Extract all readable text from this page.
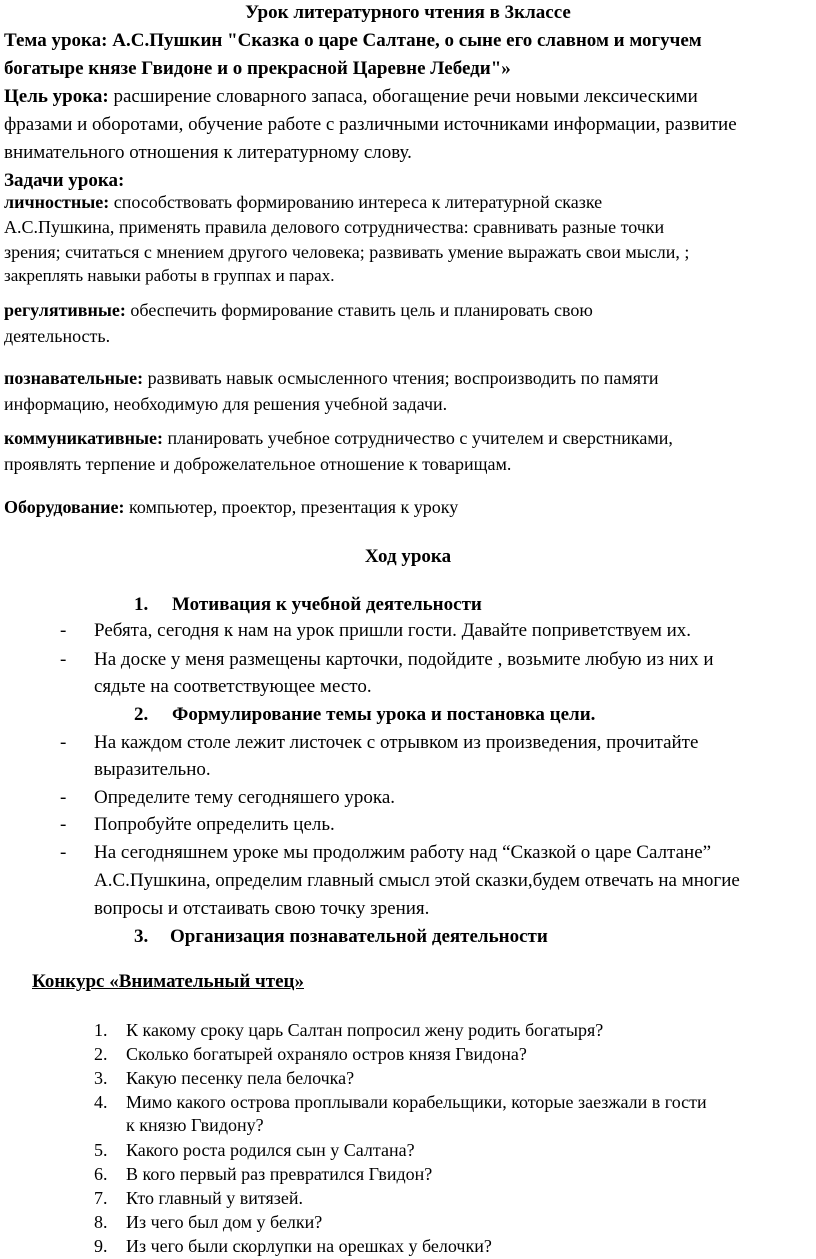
Урок литературного чтения в 3классе
Тема урока: А.С.Пушкин "Сказка о царе Салтане, о сыне его славном и могучем
богатыре князе Гвидоне и о прекрасной Царевне Лебеди"»
Цель урока: расширение словарного запаса, обогащение речи новыми лексическими
фразами и оборотами, обучение работе с различными источниками информации, развитие
внимательного отношения к литературному слову.
Задачи урока:
личностные: способствовать формированию интереса к литературной сказке
А.С.Пушкина, применять правила делового сотрудничества: сравнивать разные точки
зрения; считаться с мнением другого человека; развивать умение выражать свои мысли, ;
закреплять навыки работы в группах и парах.
регулятивные: обеспечить формирование ставить цель и планировать свою
деятельность.
познавательные: развивать навык осмысленного чтения; воспроизводить по памяти
информацию, необходимую для решения учебной задачи.
коммуникативные: планировать учебное сотрудничество с учителем и сверстниками,
проявлять терпение и доброжелательное отношение к товарищам.
Оборудование: компьютер, проектор, презентация к уроку
Ход урока
1. Мотивация к учебной деятельности
- Ребята, сегодня к нам на урок пришли гости. Давайте поприветствуем их.
- На доске у меня размещены карточки, подойдите , возьмите любую из них и
сядьте на соответствующее место.
2. Формулирование темы урока и постановка цели.
- На каждом столе лежит листочек с отрывком из произведения, прочитайте
выразительно.
- Определите тему сегодняшего урока.
- Попробуйте определить цель.
- На сегодняшнем уроке мы продолжим работу над “Сказкой о царе Салтане”
А.С.Пушкина, определим главный смысл этой сказки,будем отвечать на многие
вопросы и отстаивать свою точку зрения.
3. Организация познавательной деятельности
Конкурс «Внимательный чтец»
1. К какому сроку царь Салтан попросил жену родить богатыря?
2. Сколько богатырей охраняло остров князя Гвидона?
3. Какую песенку пела белочка?
4. Мимо какого острова проплывали корабельщики, которые заезжали в гости
к князю Гвидону?
5. Какого роста родился сын у Салтана?
6. В кого первый раз превратился Гвидон?
7. Кто главный у витязей.
8. Из чего был дом у белки?
9. Из чего были скорлупки на орешках у белочки?
